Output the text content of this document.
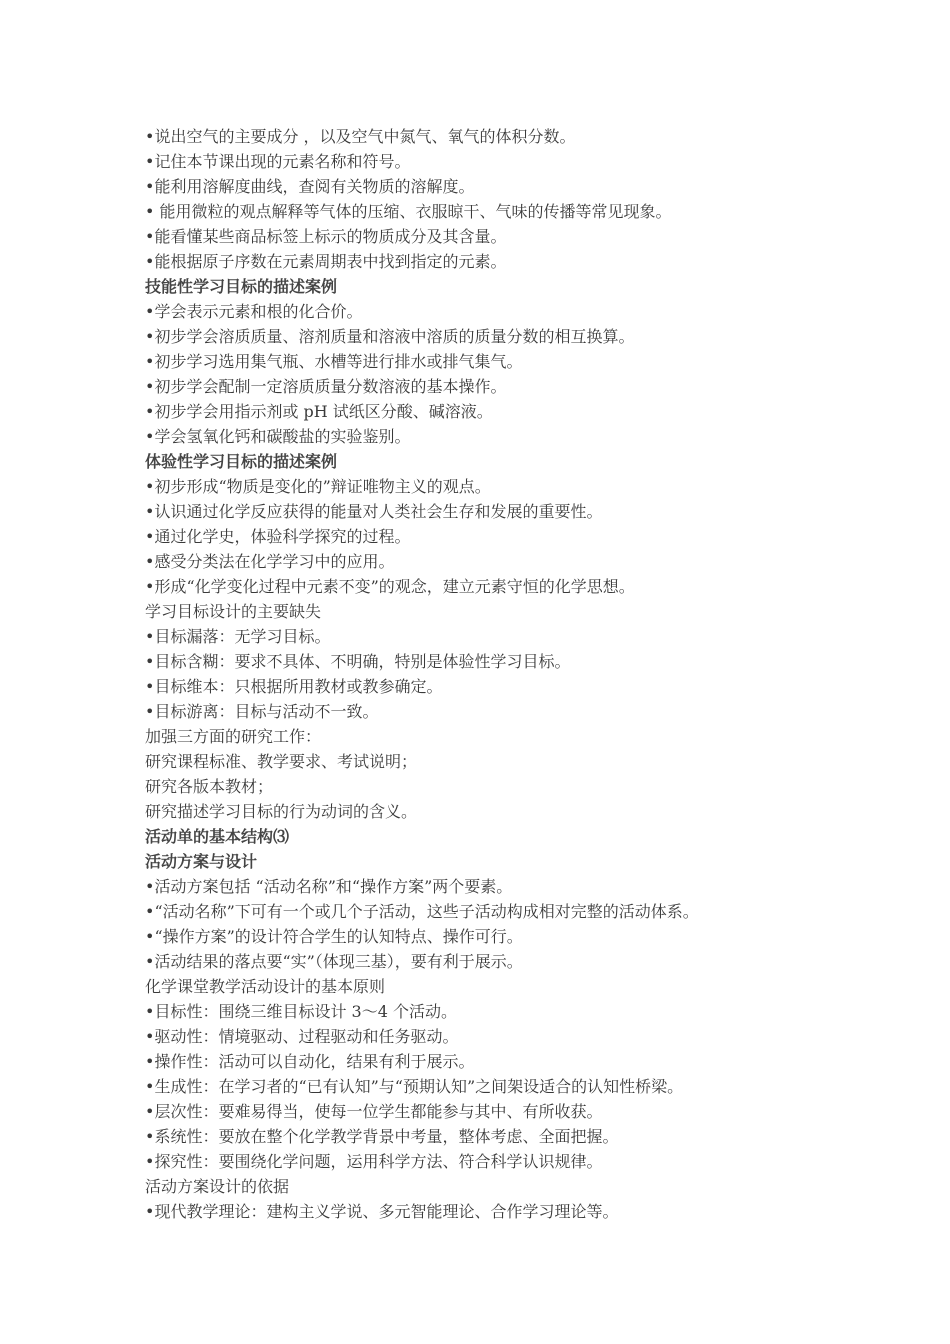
•说出空气的主要成分 ，以及空气中氮气、氧气的体积分数。
•记住本节课出现的元素名称和符号。
•能利用溶解度曲线，查阅有关物质的溶解度。
• 能用微粒的观点解释等气体的压缩、衣服晾干、气味的传播等常见现象。
•能看懂某些商品标签上标示的物质成分及其含量。
•能根据原子序数在元素周期表中找到指定的元素。
技能性学习目标的描述案例
•学会表示元素和根的化合价。
•初步学会溶质质量、溶剂质量和溶液中溶质的质量分数的相互换算。
•初步学习选用集气瓶、水槽等进行排水或排气集气。
•初步学会配制一定溶质质量分数溶液的基本操作。
•初步学会用指示剂或 pH 试纸区分酸、碱溶液。
•学会氢氧化钙和碳酸盐的实验鉴别。
体验性学习目标的描述案例
•初步形成“物质是变化的”辩证唯物主义的观点。
•认识通过化学反应获得的能量对人类社会生存和发展的重要性。
•通过化学史，体验科学探究的过程。
•感受分类法在化学学习中的应用。
•形成“化学变化过程中元素不变”的观念，建立元素守恒的化学思想。
学习目标设计的主要缺失
•目标漏落：无学习目标。
•目标含糊：要求不具体、不明确，特别是体验性学习目标。
•目标维本：只根据所用教材或教参确定。
•目标游离：目标与活动不一致。
加强三方面的研究工作：
研究课程标准、教学要求、考试说明；
研究各版本教材；
研究描述学习目标的行为动词的含义。
活动单的基本结构⑶
活动方案与设计
•活动方案包括 “活动名称”和“操作方案”两个要素。
•“活动名称”下可有一个或几个子活动，这些子活动构成相对完整的活动体系。
•“操作方案”的设计符合学生的认知特点、操作可行。
•活动结果的落点要“实”（体现三基），要有利于展示。
化学课堂教学活动设计的基本原则
•目标性：围绕三维目标设计 3～4 个活动。
•驱动性：情境驱动、过程驱动和任务驱动。
•操作性：活动可以自动化，结果有利于展示。
•生成性：在学习者的“已有认知”与“预期认知”之间架设适合的认知性桥梁。
•层次性：要难易得当，使每一位学生都能参与其中、有所收获。
•系统性：要放在整个化学教学背景中考量，整体考虑、全面把握。
•探究性：要围绕化学问题，运用科学方法、符合科学认识规律。
活动方案设计的依据
•现代教学理论：建构主义学说、多元智能理论、合作学习理论等。
